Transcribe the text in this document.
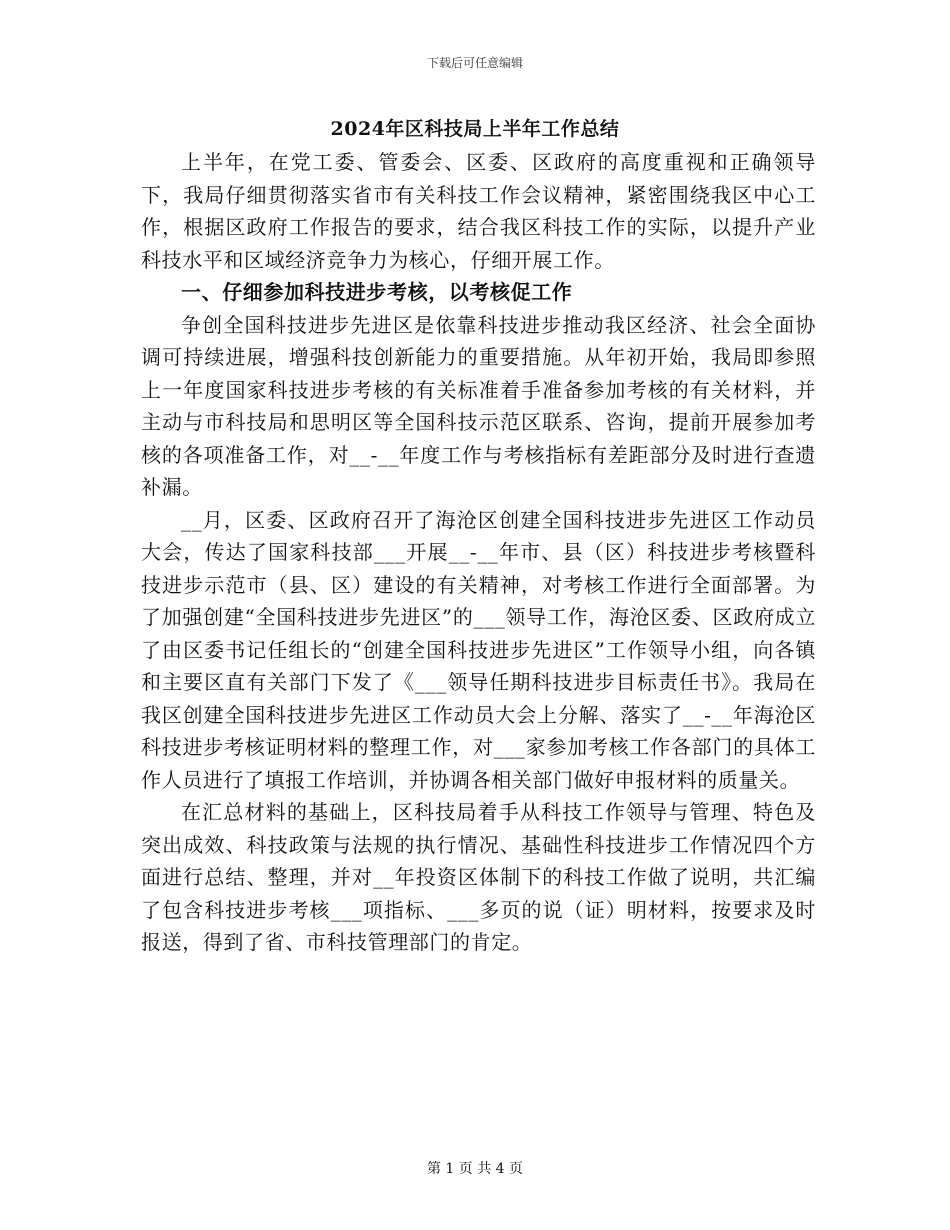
下载后可任意编辑
2024年区科技局上半年工作总结

上半年，在党工委、管委会、区委、区政府的高度重视和正确领导下，我局仔细贯彻落实省市有关科技工作会议精神，紧密围绕我区中心工作，根据区政府工作报告的要求，结合我区科技工作的实际，以提升产业科技水平和区域经济竞争力为核心，仔细开展工作。

一、仔细参加科技进步考核，以考核促工作

争创全国科技进步先进区是依靠科技进步推动我区经济、社会全面协调可持续进展，增强科技创新能力的重要措施。从年初开始，我局即参照上一年度国家科技进步考核的有关标准着手准备参加考核的有关材料，并主动与市科技局和思明区等全国科技示范区联系、咨询，提前开展参加考核的各项准备工作，对__-__年度工作与考核指标有差距部分及时进行查遗补漏。

__月，区委、区政府召开了海沧区创建全国科技进步先进区工作动员大会，传达了国家科技部___开展__-__年市、县（区）科技进步考核暨科技进步示范市（县、区）建设的有关精神，对考核工作进行全面部署。为了加强创建“全国科技进步先进区”的___领导工作，海沧区委、区政府成立了由区委书记任组长的“创建全国科技进步先进区”工作领导小组，向各镇和主要区直有关部门下发了《___领导任期科技进步目标责任书》。我局在我区创建全国科技进步先进区工作动员大会上分解、落实了__-__年海沧区科技进步考核证明材料的整理工作，对___家参加考核工作各部门的具体工作人员进行了填报工作培训，并协调各相关部门做好申报材料的质量关。

在汇总材料的基础上，区科技局着手从科技工作领导与管理、特色及突出成效、科技政策与法规的执行情况、基础性科技进步工作情况四个方面进行总结、整理，并对__年投资区体制下的科技工作做了说明，共汇编了包含科技进步考核___项指标、___多页的说（证）明材料，按要求及时报送，得到了省、市科技管理部门的肯定。

第 1 页 共 4 页
